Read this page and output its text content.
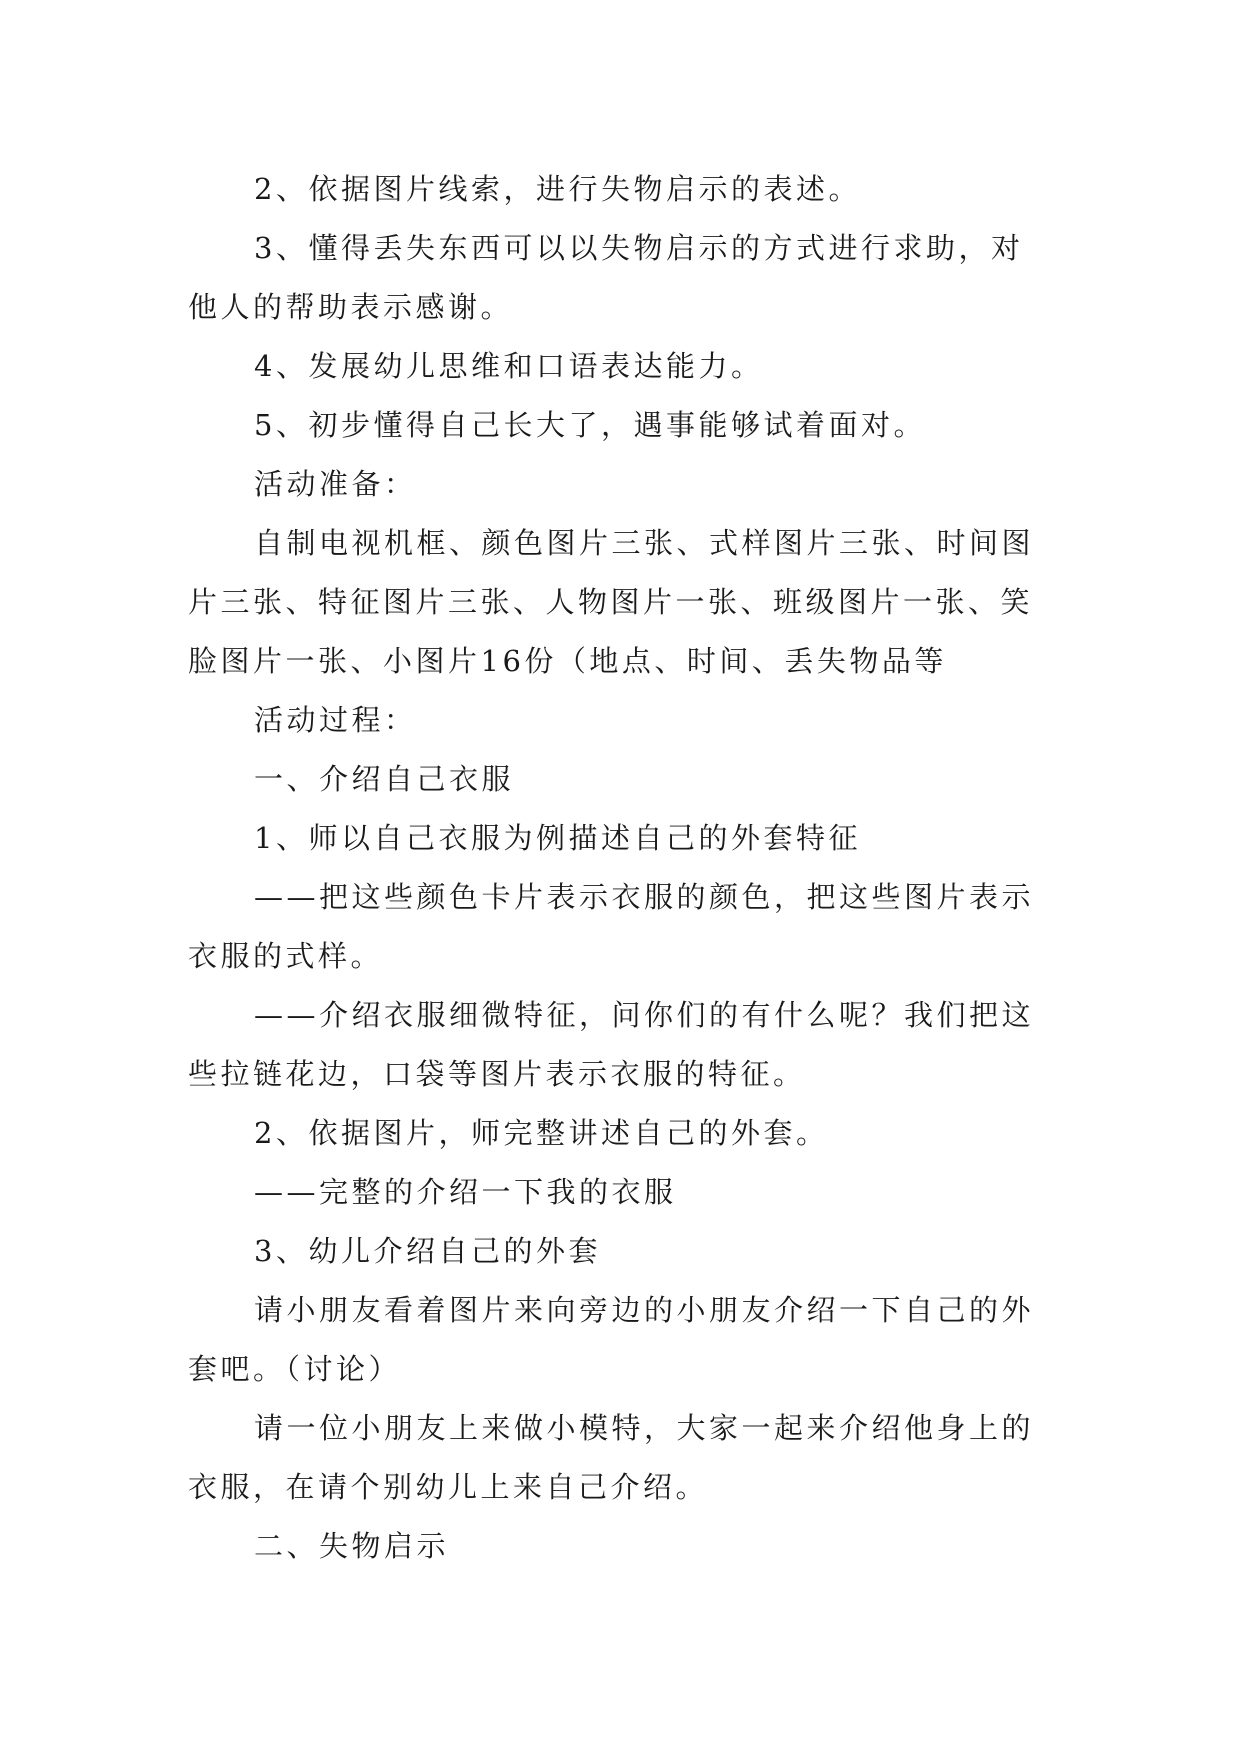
2、依据图片线索，进行失物启示的表述。

3、懂得丢失东西可以以失物启示的方式进行求助，对他人的帮助表示感谢。

4、发展幼儿思维和口语表达能力。

5、初步懂得自己长大了，遇事能够试着面对。

活动准备：

自制电视机框、颜色图片三张、式样图片三张、时间图片三张、特征图片三张、人物图片一张、班级图片一张、笑脸图片一张、小图片16份（地点、时间、丢失物品等

活动过程：

一、介绍自己衣服

1、师以自己衣服为例描述自己的外套特征

——把这些颜色卡片表示衣服的颜色，把这些图片表示衣服的式样。

——介绍衣服细微特征，问你们的有什么呢？我们把这些拉链花边，口袋等图片表示衣服的特征。

2、依据图片，师完整讲述自己的外套。

——完整的介绍一下我的衣服

3、幼儿介绍自己的外套

请小朋友看着图片来向旁边的小朋友介绍一下自己的外套吧。（讨论）

请一位小朋友上来做小模特，大家一起来介绍他身上的衣服，在请个别幼儿上来自己介绍。

二、失物启示
